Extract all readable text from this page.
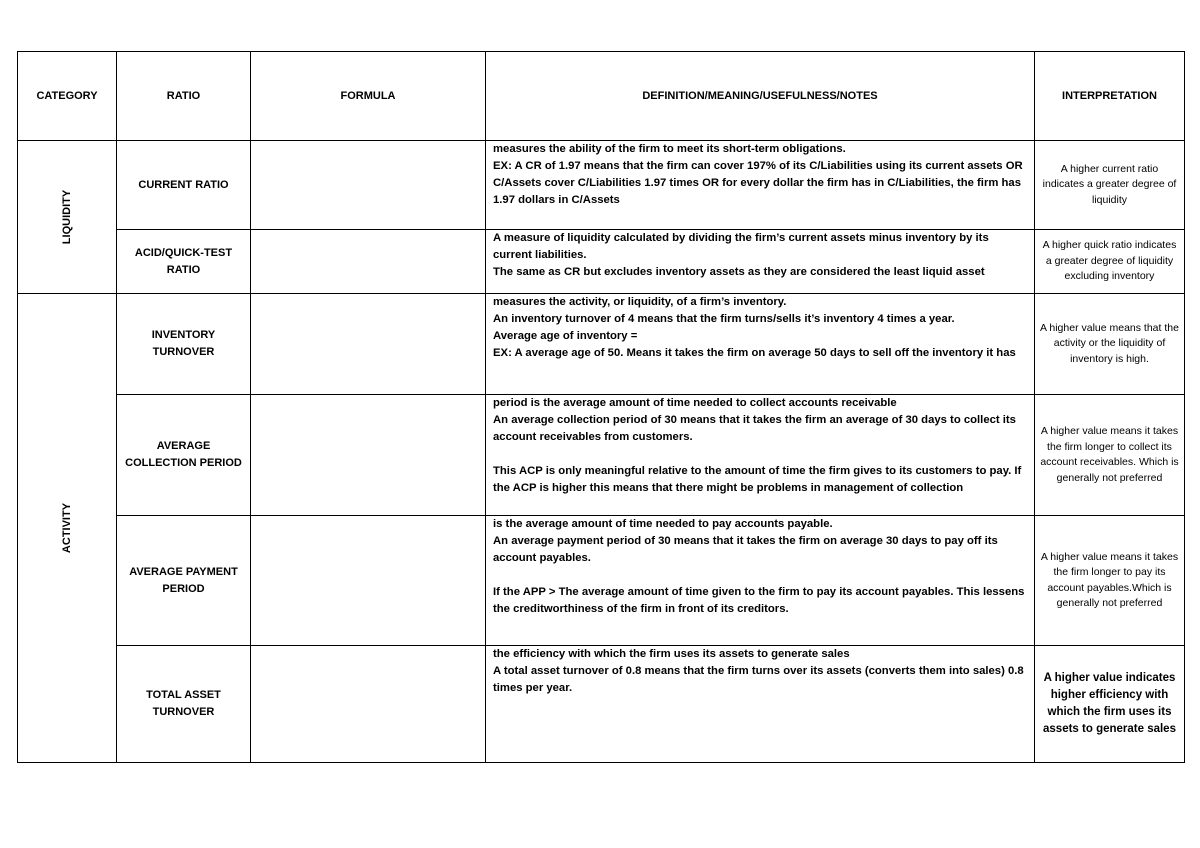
CATEGORY	RATIO	FORMULA	DEFINITION/MEANING/USEFULNESS/NOTES	INTERPRETATION

LIQUIDITY	CURRENT RATIO		measures the ability of the firm to meet its short-term obligations.

EX: A CR of 1.97 means that the firm can cover 197% of its C/Liabilities using its current assets OR C/Assets cover C/Liabilities 1.97 times OR for every dollar the firm has in C/Liabilities, the firm has 1.97 dollars in C/Assets	A higher current ratio indicates a greater degree of liquidity
	ACID/QUICK-TEST RATIO		A measure of liquidity calculated by dividing the firm’s current assets minus inventory by its current liabilities.

The same as CR but excludes inventory assets as they are considered the least liquid asset	A higher quick ratio indicates a greater degree of liquidity excluding inventory

ACTIVITY	INVENTORY TURNOVER		measures the activity, or liquidity, of a firm’s inventory.

An inventory turnover of 4 means that the firm turns/sells it’s inventory 4 times a year.

Average age of inventory =

EX: A average age of 50. Means it takes the firm on average 50 days to sell off the inventory it has	A higher value means that the activity or the liquidity of inventory is high.
	AVERAGE COLLECTION PERIOD		period is the average amount of time needed to collect accounts receivable

An average collection period of 30 means that it takes the firm an average of 30 days to collect its account receivables from customers.

This ACP is only meaningful relative to the amount of time the firm gives to its customers to pay. If the ACP is higher this means that there might be problems in management of collection	A higher value means it takes the firm longer to collect its account receivables. Which is generally not preferred
	AVERAGE PAYMENT PERIOD		is the average amount of time needed to pay accounts payable.

An average payment period of 30 means that it takes the firm on average 30 days to pay off its account payables.

If the APP > The average amount of time given to the firm to pay its account payables. This lessens the creditworthiness of the firm in front of its creditors.	A higher value means it takes the firm longer to pay its account payables.Which is generally not preferred
	TOTAL ASSET TURNOVER		the efficiency with which the firm uses its assets to generate sales

A total asset turnover of 0.8 means that the firm turns over its assets (converts them into sales) 0.8 times per year.	A higher value indicates higher efficiency with which the firm uses its assets to generate sales
